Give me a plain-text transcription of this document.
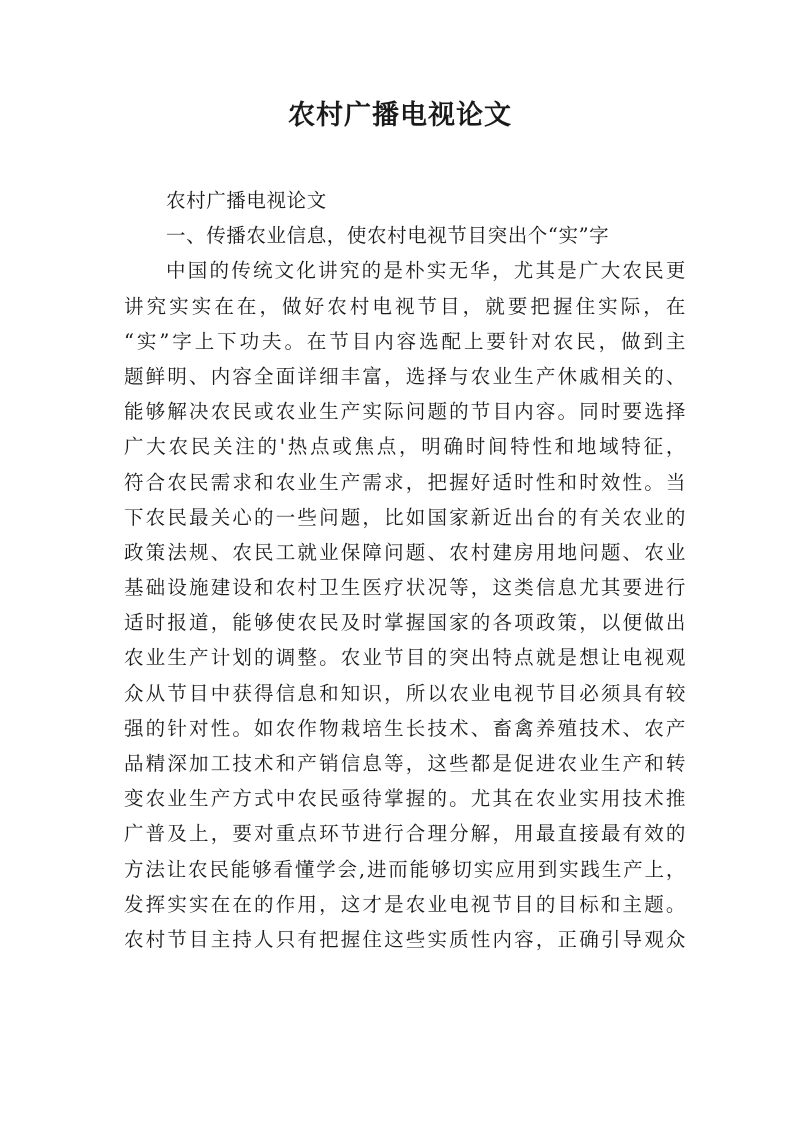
农村广播电视论文
农村广播电视论文
一、传播农业信息，使农村电视节目突出个“实”字
中国的传统文化讲究的是朴实无华，尤其是广大农民更
讲究实实在在，做好农村电视节目，就要把握住实际，在
“实”字上下功夫。在节目内容选配上要针对农民，做到主
题鲜明、内容全面详细丰富，选择与农业生产休戚相关的、
能够解决农民或农业生产实际问题的节目内容。同时要选择
广大农民关注的'热点或焦点，明确时间特性和地域特征，
符合农民需求和农业生产需求，把握好适时性和时效性。当
下农民最关心的一些问题，比如国家新近出台的有关农业的
政策法规、农民工就业保障问题、农村建房用地问题、农业
基础设施建设和农村卫生医疗状况等，这类信息尤其要进行
适时报道，能够使农民及时掌握国家的各项政策，以便做出
农业生产计划的调整。农业节目的突出特点就是想让电视观
众从节目中获得信息和知识，所以农业电视节目必须具有较
强的针对性。如农作物栽培生长技术、畜禽养殖技术、农产
品精深加工技术和产销信息等，这些都是促进农业生产和转
变农业生产方式中农民亟待掌握的。尤其在农业实用技术推
广普及上，要对重点环节进行合理分解，用最直接最有效的
方法让农民能够看懂学会,进而能够切实应用到实践生产上，
发挥实实在在的作用，这才是农业电视节目的目标和主题。
农村节目主持人只有把握住这些实质性内容，正确引导观众
